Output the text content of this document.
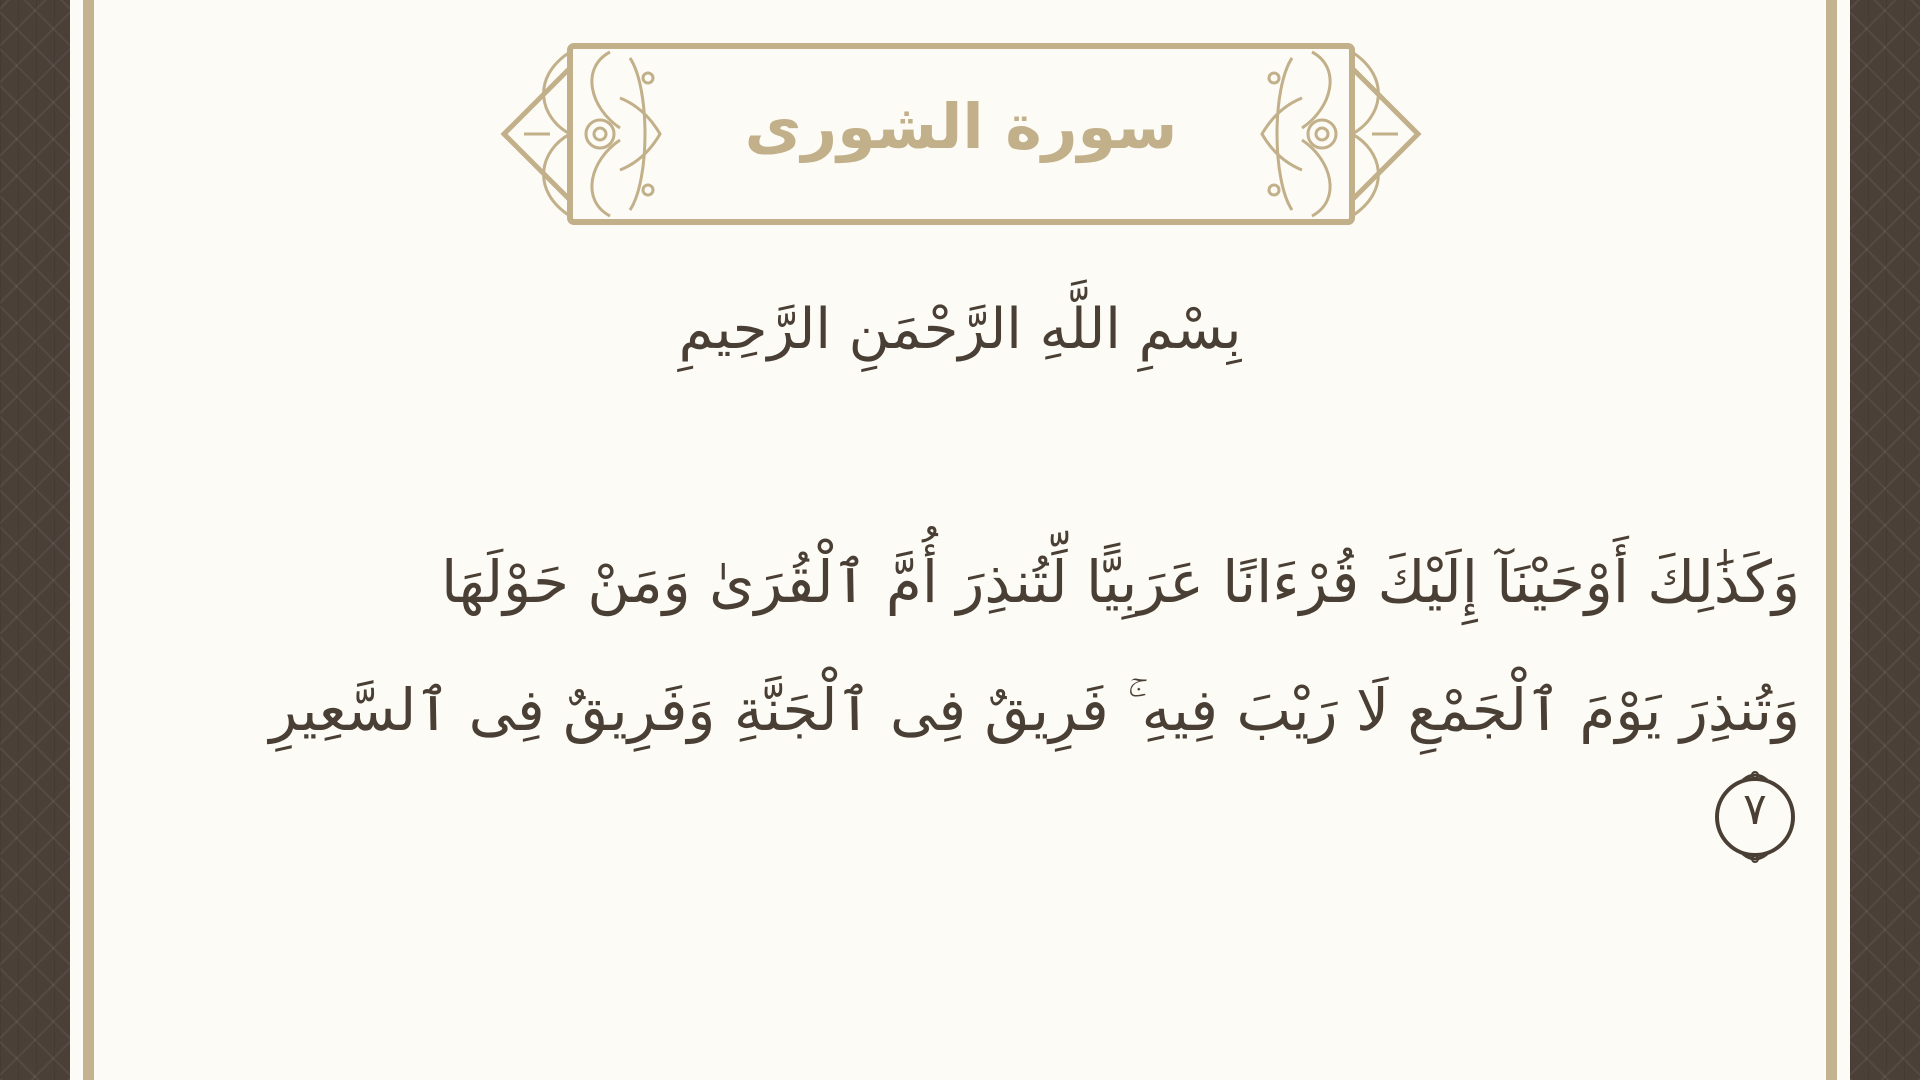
سورة الشورى
بِسْمِ اللَّهِ الرَّحْمَنِ الرَّحِيمِ
وَكَذَٰلِكَ أَوْحَيْنَآ إِلَيْكَ قُرْءَانًا عَرَبِيًّا لِّتُنذِرَ أُمَّ ٱلْقُرَىٰ وَمَنْ حَوْلَهَا
وَتُنذِرَ يَوْمَ ٱلْجَمْعِ لَا رَيْبَ فِيهِ ۚ فَرِيقٌ فِى ٱلْجَنَّةِ وَفَرِيقٌ فِى ٱلسَّعِيرِ
٧
